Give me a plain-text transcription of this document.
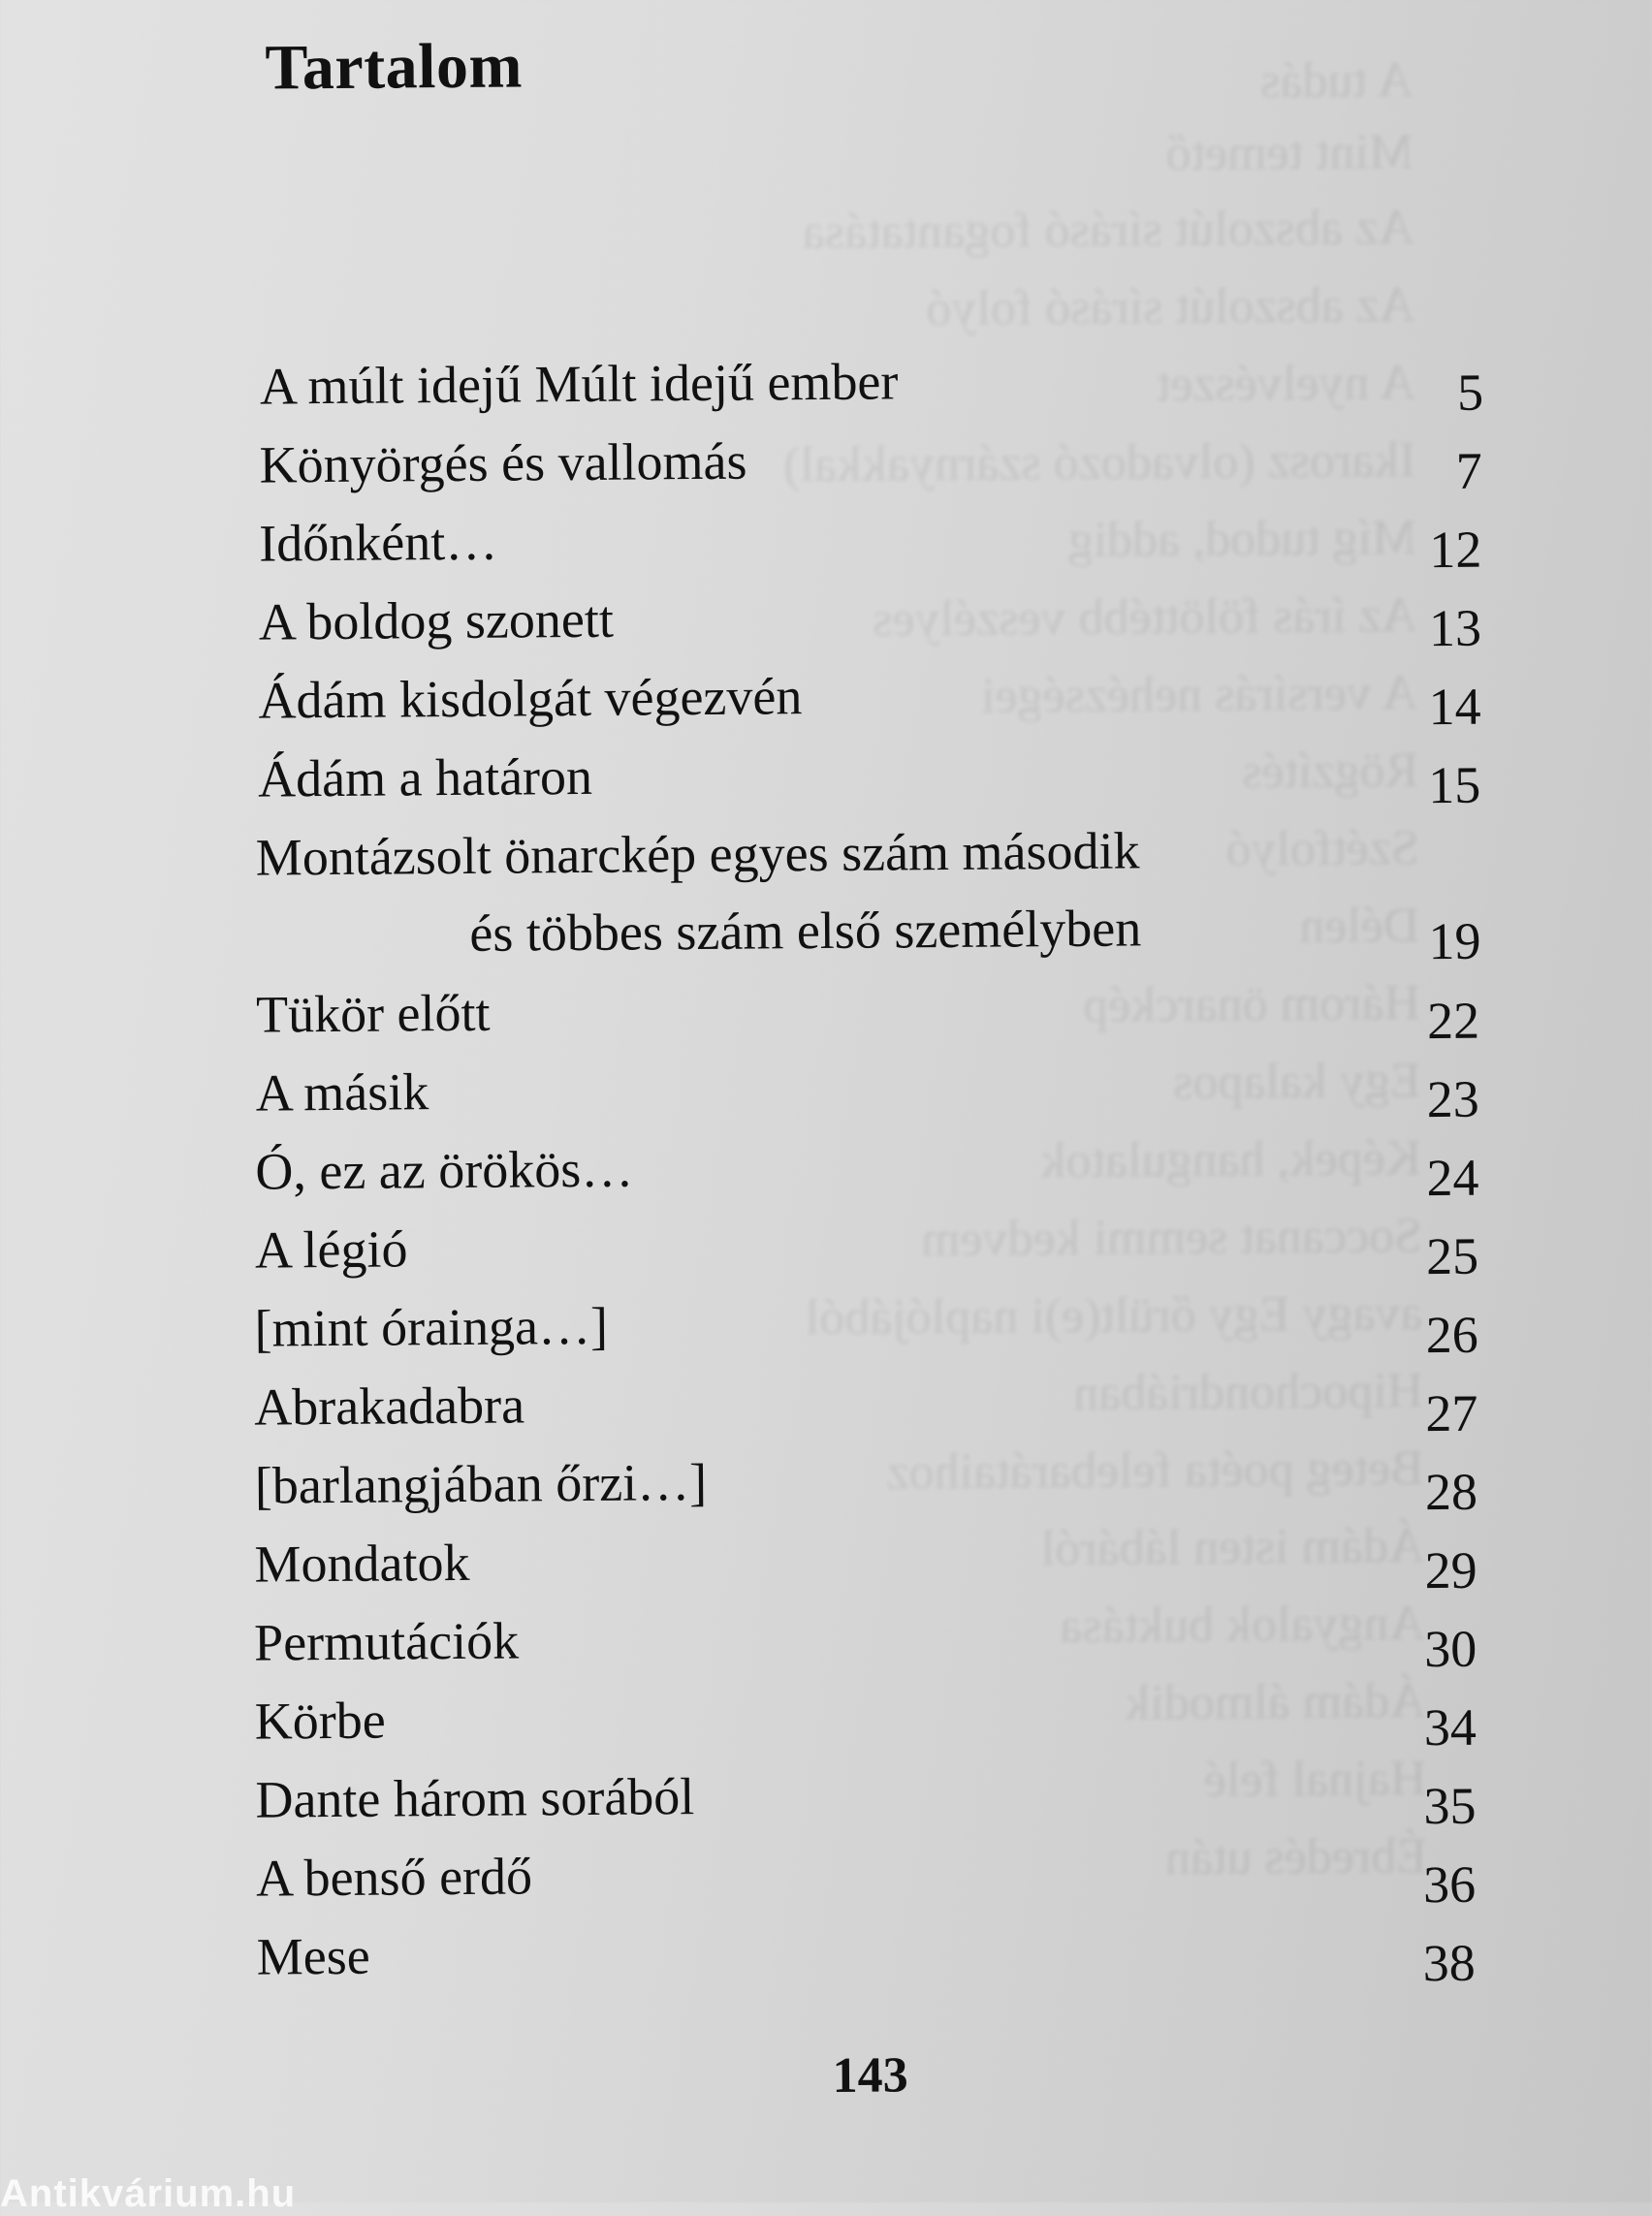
A tudás
Mint temető
Az abszolút sírásó fogantatása
Az abszolút sírásó folyó
A nyelvészet
Ikarosz (olvadozó szárnyakkal)
Míg tudod, addig
Az írás fölöttébb veszélyes
A versírás nehézségei
Rögzítés
Szétfolyó
Délen
Három önarckép
Egy kalapos
Képek, hangulatok
Soccanat semmi kedvem
avagy Egy őrült(e)i naplójából
Hipochondriában
Beteg poéta felebarátaihoz
Ádám isten lábáról
Angyalok buktása
Ádám álmodik
Hajnal felé
Ébredés után
Tartalom
A múlt idejű Múlt idejű ember	5
Könyörgés és vallomás	7
Időnként…	12
A boldog szonett	13
Ádám kisdolgát végezvén	14
Ádám a határon	15
Montázsolt önarckép egyes szám második
és többes szám első személyben	19
Tükör előtt	22
A másik	23
Ó, ez az örökös…	24
A légió	25
[mint órainga…]	26
Abrakadabra	27
[barlangjában őrzi…]	28
Mondatok	29
Permutációk	30
Körbe	34
Dante három sorából	35
A benső erdő	36
Mese	38
143
Antikvárium.hu
